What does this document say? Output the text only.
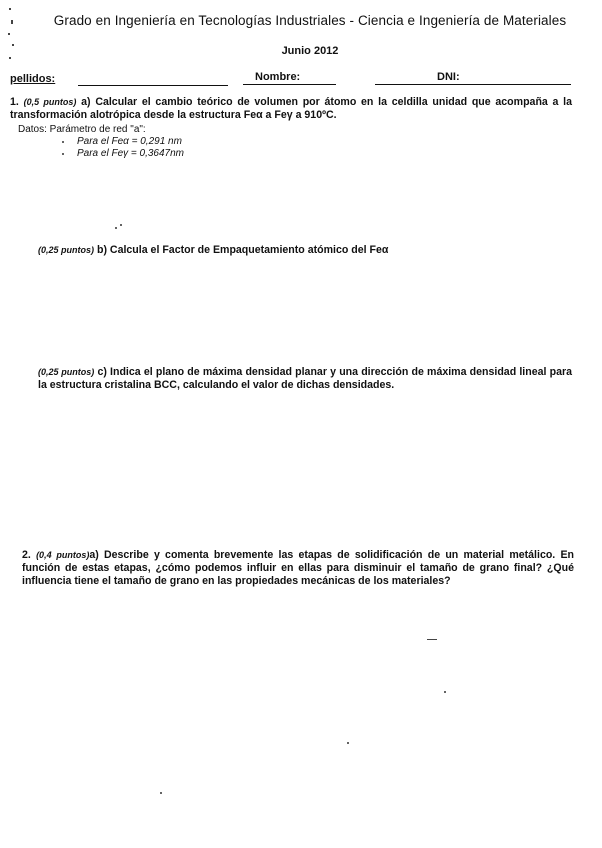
Grado en Ingeniería en Tecnologías Industriales - Ciencia e Ingeniería de Materiales
Junio 2012
pellidos:	Nombre:	DNI:
1. (0,5 puntos) a) Calcular el cambio teórico de volumen por átomo en la celdilla unidad que acompaña a la transformación alotrópica desde la estructura Feα a Feγ a 910ºC.
Datos: Parámetro de red "a":
Para el Feα = 0,291 nm
Para el Feγ = 0,3647nm
(0,25 puntos) b) Calcula el Factor de Empaquetamiento atómico del Feα
(0,25 puntos) c) Indica el plano de máxima densidad planar y una dirección de máxima densidad lineal para la estructura cristalina BCC, calculando el valor de dichas densidades.
2. (0,4 puntos)a) Describe y comenta brevemente las etapas de solidificación de un material metálico. En función de estas etapas, ¿cómo podemos influir en ellas para disminuir el tamaño de grano final? ¿Qué influencia tiene el tamaño de grano en las propiedades mecánicas de los materiales?
